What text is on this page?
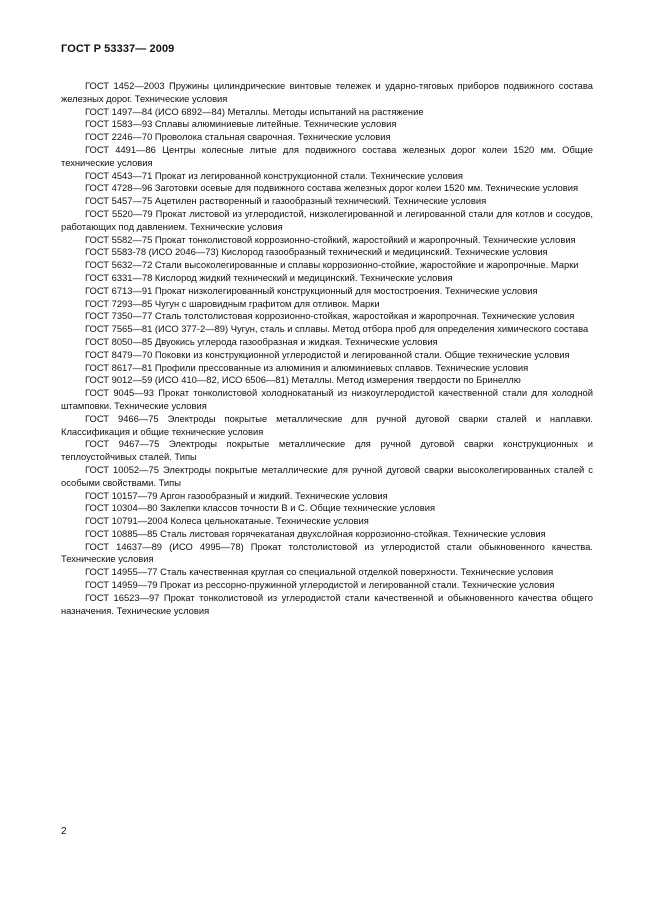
ГОСТ Р 53337— 2009
ГОСТ 1452—2003 Пружины цилиндрические винтовые тележек и ударно-тяговых приборов подвижного состава железных дорог. Технические условия
ГОСТ 1497—84 (ИСО 6892—84) Металлы. Методы испытаний на растяжение
ГОСТ 1583—93 Сплавы алюминиевые литейные. Технические условия
ГОСТ 2246—70 Проволока стальная сварочная. Технические условия
ГОСТ 4491—86 Центры колесные литые для подвижного состава железных дорог колеи 1520 мм. Общие технические условия
ГОСТ 4543—71 Прокат из легированной конструкционной стали. Технические условия
ГОСТ 4728—96 Заготовки осевые для подвижного состава железных дорог колеи 1520 мм. Технические условия
ГОСТ 5457—75 Ацетилен растворенный и газообразный технический. Технические условия
ГОСТ 5520—79 Прокат листовой из углеродистой, низколегированной и легированной стали для котлов и сосудов, работающих под давлением. Технические условия
ГОСТ 5582—75 Прокат тонколистовой коррозионно-стойкий, жаростойкий и жаропрочный. Технические условия
ГОСТ 5583-78 (ИСО 2046—73) Кислород газообразный технический и медицинский. Технические условия
ГОСТ 5632—72 Стали высоколегированные и сплавы коррозионно-стойкие, жаростойкие и жаропрочные. Марки
ГОСТ 6331—78 Кислород жидкий технический и медицинский. Технические условия
ГОСТ 6713—91 Прокат низколегированный конструкционный для мостостроения. Технические условия
ГОСТ 7293—85 Чугун с шаровидным графитом для отливок. Марки
ГОСТ 7350—77 Сталь толстолистовая коррозионно-стойкая, жаростойкая и жаропрочная. Технические условия
ГОСТ 7565—81 (ИСО 377-2—89) Чугун, сталь и сплавы. Метод отбора проб для определения химического состава
ГОСТ 8050—85 Двуокись углерода газообразная и жидкая. Технические условия
ГОСТ 8479—70 Поковки из конструкционной углеродистой и легированной стали. Общие технические условия
ГОСТ 8617—81 Профили прессованные из алюминия и алюминиевых сплавов. Технические условия
ГОСТ 9012—59 (ИСО 410—82, ИСО 6506—81) Металлы. Метод измерения твердости по Бринеллю
ГОСТ 9045—93 Прокат тонколистовой холоднокатаный из низкоуглеродистой качественной стали для холодной штамповки. Технические условия
ГОСТ 9466—75 Электроды покрытые металлические для ручной дуговой сварки сталей и наплавки. Классификация и общие технические условия
ГОСТ 9467—75 Электроды покрытые металлические для ручной дуговой сварки конструкционных и теплоустойчивых сталей. Типы
ГОСТ 10052—75 Электроды покрытые металлические для ручной дуговой сварки высоколегированных сталей с особыми свойствами. Типы
ГОСТ 10157—79 Аргон газообразный и жидкий. Технические условия
ГОСТ 10304—80 Заклепки классов точности В и С. Общие технические условия
ГОСТ 10791—2004 Колеса цельнокатаные. Технические условия
ГОСТ 10885—85 Сталь листовая горячекатаная двухслойная коррозионно-стойкая. Технические условия
ГОСТ 14637—89 (ИСО 4995—78) Прокат толстолистовой из углеродистой стали обыкновенного качества. Технические условия
ГОСТ 14955—77 Сталь качественная круглая со специальной отделкой поверхности. Технические условия
ГОСТ 14959—79 Прокат из рессорно-пружинной углеродистой и легированной стали. Технические условия
ГОСТ 16523—97 Прокат тонколистовой из углеродистой стали качественной и обыкновенного качества общего назначения. Технические условия
2
